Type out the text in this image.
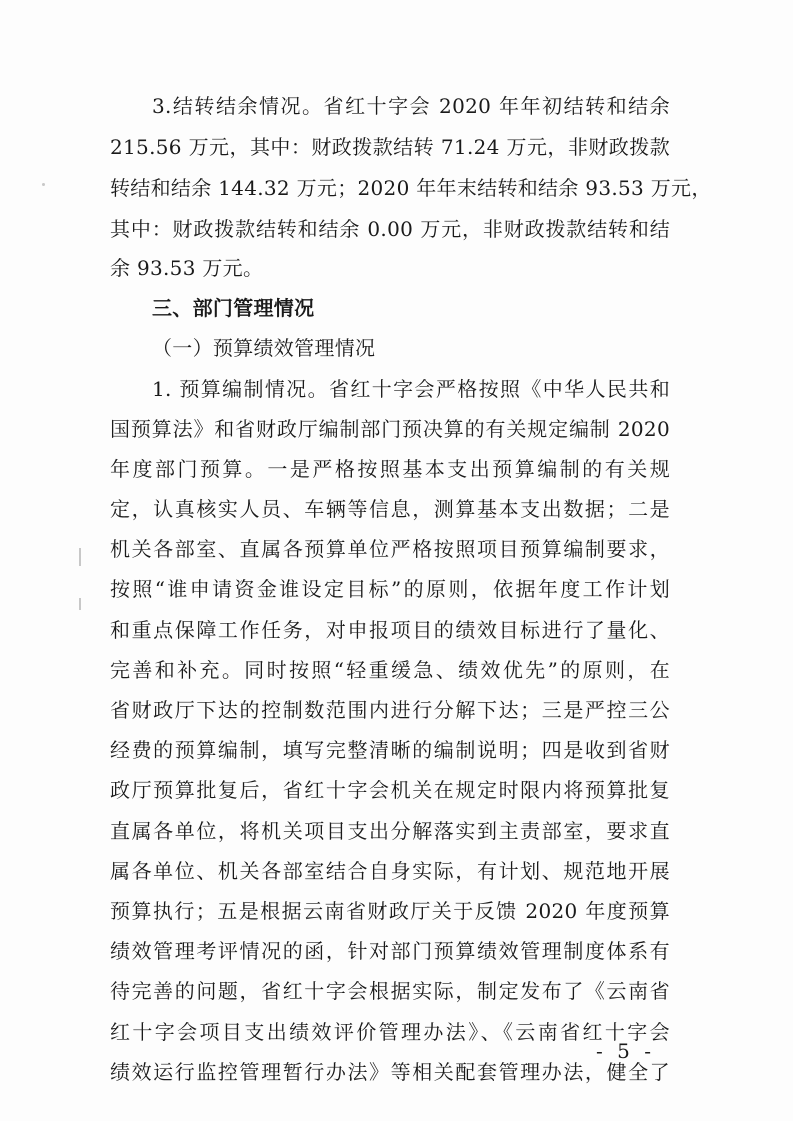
3.结转结余情况。省红十字会 2020 年年初结转和结余
215.56 万元，其中：财政拨款结转 71.24 万元，非财政拨款
转结和结余 144.32 万元；2020 年年末结转和结余 93.53 万元，
其中：财政拨款结转和结余 0.00 万元，非财政拨款结转和结
余 93.53 万元。
三、部门管理情况
（一）预算绩效管理情况
1. 预算编制情况。省红十字会严格按照《中华人民共和
国预算法》和省财政厅编制部门预决算的有关规定编制 2020
年度部门预算。一是严格按照基本支出预算编制的有关规
定，认真核实人员、车辆等信息，测算基本支出数据；二是
机关各部室、直属各预算单位严格按照项目预算编制要求，
按照“谁申请资金谁设定目标”的原则，依据年度工作计划
和重点保障工作任务，对申报项目的绩效目标进行了量化、
完善和补充。同时按照“轻重缓急、绩效优先”的原则，在
省财政厅下达的控制数范围内进行分解下达；三是严控三公
经费的预算编制，填写完整清晰的编制说明；四是收到省财
政厅预算批复后，省红十字会机关在规定时限内将预算批复
直属各单位，将机关项目支出分解落实到主责部室，要求直
属各单位、机关各部室结合自身实际，有计划、规范地开展
预算执行；五是根据云南省财政厅关于反馈 2020 年度预算
绩效管理考评情况的函，针对部门预算绩效管理制度体系有
待完善的问题，省红十字会根据实际，制定发布了《云南省
红十字会项目支出绩效评价管理办法》、《云南省红十字会
绩效运行监控管理暂行办法》等相关配套管理办法，健全了
- 5 -
